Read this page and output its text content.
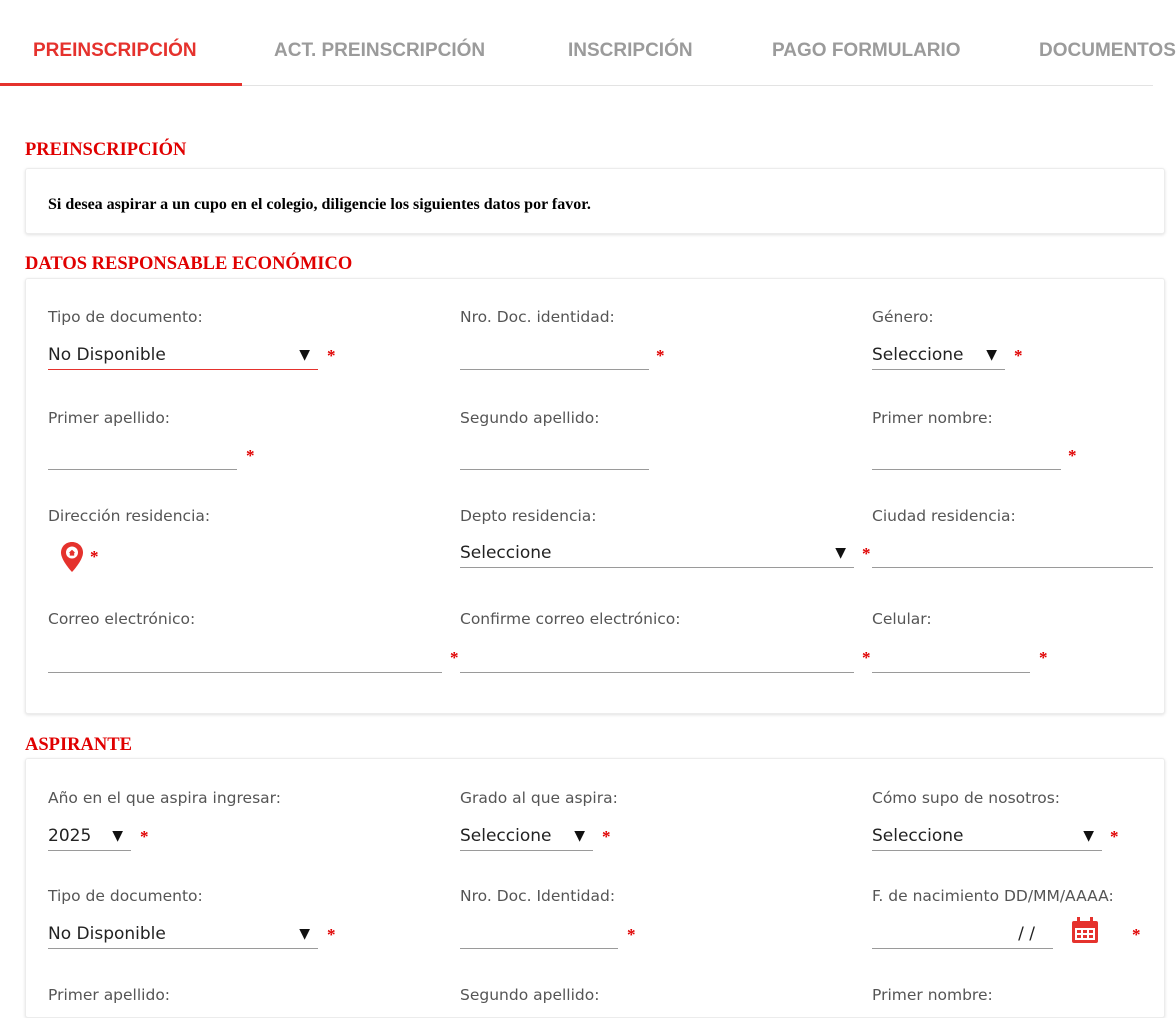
PREINSCRIPCIÓN	ACT. PREINSCRIPCIÓN	INSCRIPCIÓN	PAGO FORMULARIO	DOCUMENTOS
PREINSCRIPCIÓN
Si desea aspirar a un cupo en el colegio, diligencie los siguientes datos por favor.
DATOS RESPONSABLE ECONÓMICO
Tipo de documento:
No Disponible	▼ *
Nro. Doc. identidad:
*
Género:
Seleccione ▼ *
Primer apellido:
*
Segundo apellido:	Primer nombre:
*
Dirección residencia:
*
Depto residencia:
Seleccione	▼ *
Ciudad residencia:
Correo electrónico:
*
Confirme correo electrónico:
*
Celular:
*
ASPIRANTE
Año en el que aspira ingresar:
2025 ▼ *
Grado al que aspira:
Seleccione ▼ *
Cómo supo de nosotros:
Seleccione	▼ *
Tipo de documento:
No Disponible	▼ *
Nro. Doc. Identidad:
*
F. de nacimiento DD/MM/AAAA:
/ /	*
Primer apellido:	Segundo apellido:	Primer nombre:
